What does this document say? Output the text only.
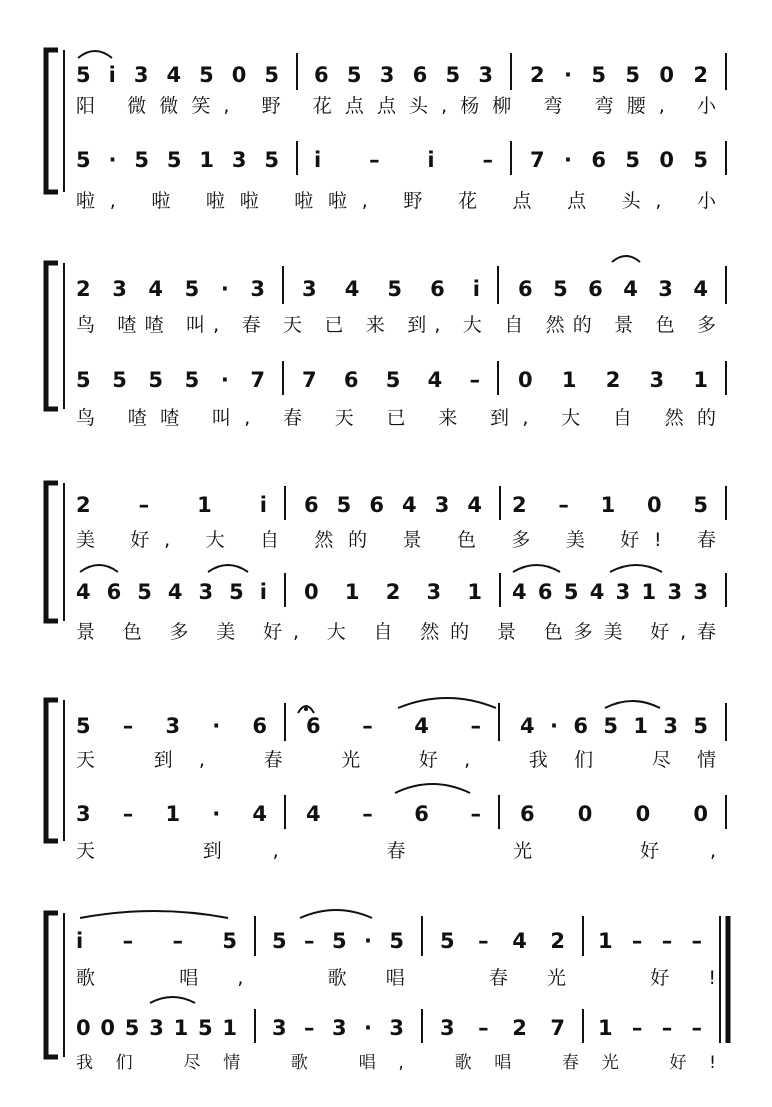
5 i 3 4 5 0 5 6 5 3 6 5 3 2 · 5 5 0 2
阳 微微笑, 野 花点点头,杨柳 弯 弯腰, 小
5 · 5 5 1 3 5 i – i – 7 · 6 5 0 5
啦, 啦 啦啦 啦啦, 野 花 点 点 头, 小
2 3 4 5 · 3 3 4 5 6 i 6 5 6 4 3 4
鸟 喳喳 叫, 春 天 已 来 到, 大 自 然的 景 色 多
5 5 5 5 · 7 7 6 5 4 – 0 1 2 3 1
鸟 喳喳 叫, 春 天 已 来 到, 大 自 然的
2 – 1 i 6 5 6 4 3 4 2 – 1 0 5
美 好, 大 自 然的 景 色 多 美 好! 春
4 6 5 4 3 5 i 0 1 2 3 1 4 6 5 4 3 1 3 3
景 色 多 美 好, 大 自 然的 景 色多美 好,春
5 – 3 · 6 6 – 4 – 4 · 6 5 1 3 5
天 到, 春 光 好, 我们 尽情
3 – 1 · 4 4 – 6 – 6 0 0 0
天 到, 春 光 好,
i – – 5 5 – 5 · 5 5 – 4 2 1 – – –
歌 唱, 歌唱 春光 好!
0 0 5 3 1 5 1 3 – 3 · 3 3 – 2 7 1 – – –
我们 尽情 歌 唱, 歌唱 春光 好!
